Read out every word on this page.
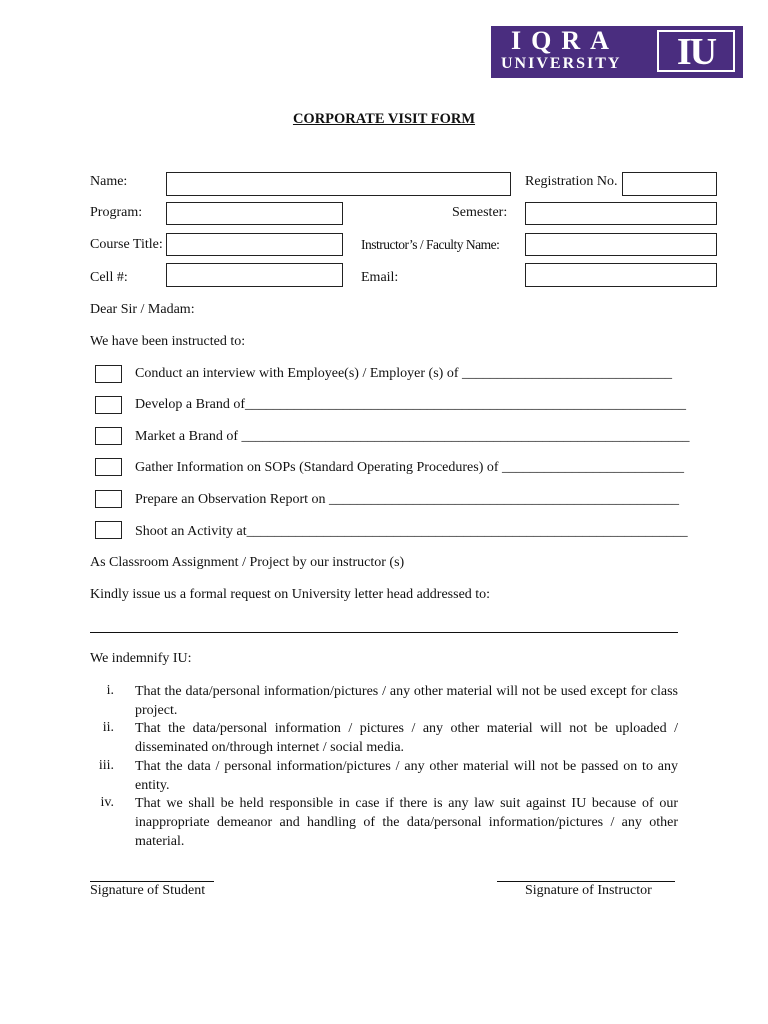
IQRA
UNIVERSITY	IU
CORPORATE VISIT FORM
Name:	Registration No.
Program:	Semester:
Course Title:	Instructor’s / Faculty Name:
Cell #:	Email:
Dear Sir / Madam:
We have been instructed to:
Conduct an interview with Employee(s) / Employer (s) of ______________________________
Develop a Brand of_______________________________________________________________
Market a Brand of ________________________________________________________________
Gather Information on SOPs (Standard Operating Procedures) of __________________________
Prepare an Observation Report on __________________________________________________
Shoot an Activity at_______________________________________________________________
As Classroom Assignment / Project by our instructor (s)
Kindly issue us a formal request on University letter head addressed to:
We indemnify IU:
i. That the data/personal information/pictures / any other material will not be used except for class project.
ii. That the data/personal information / pictures / any other material will not be uploaded / disseminated on/through internet / social media.
iii. That the data / personal information/pictures / any other material will not be passed on to any entity.
iv. That we shall be held responsible in case if there is any law suit against IU because of our inappropriate demeanor and handling of the data/personal information/pictures / any other material.
Signature of Student	Signature of Instructor
